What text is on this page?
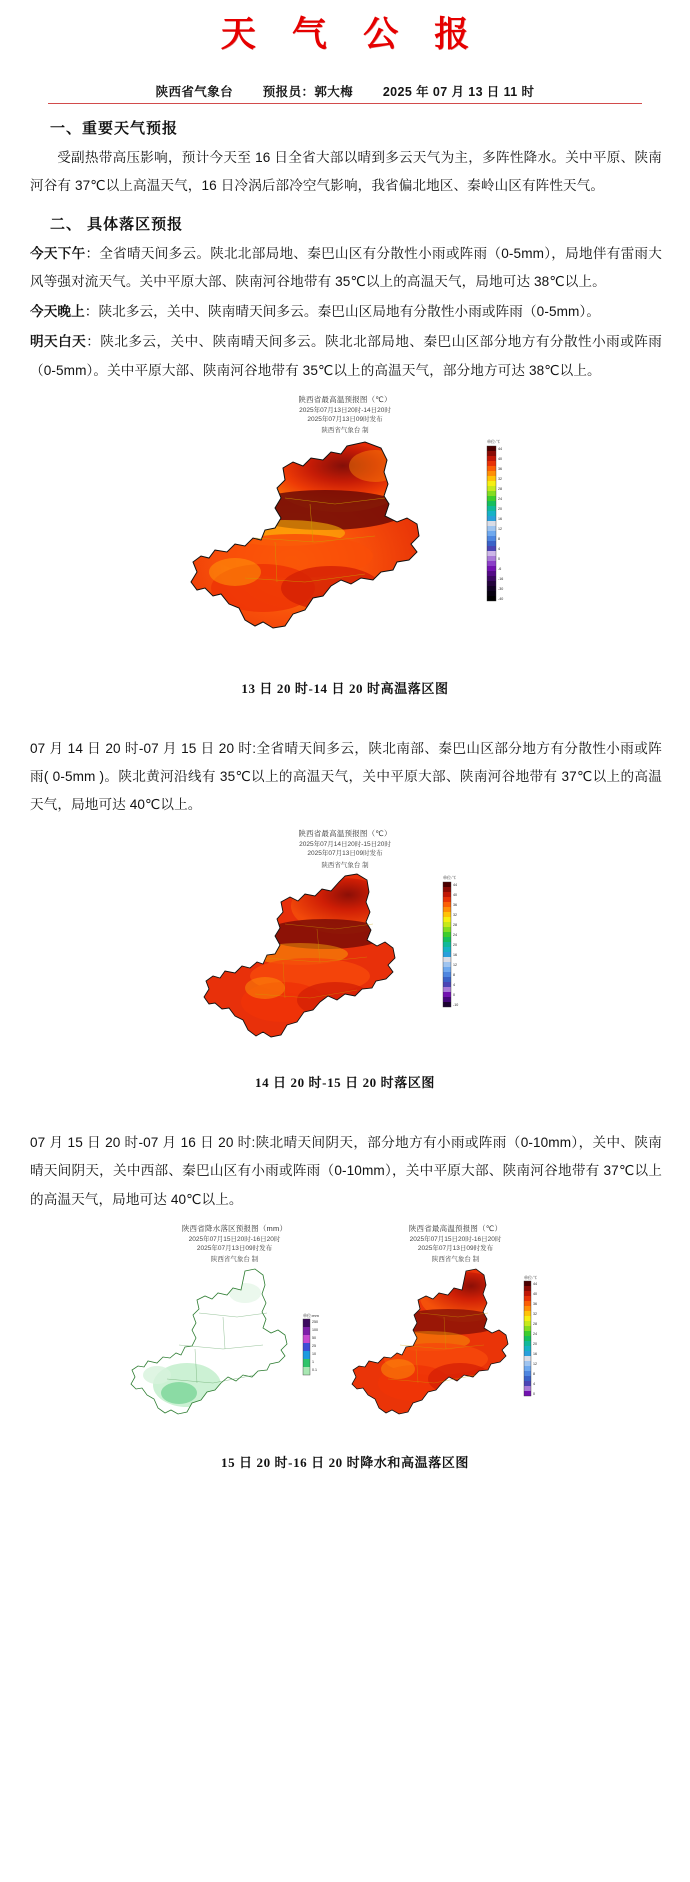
天 气 公 报
陕西省气象台 预报员：郭大梅 2025 年 07 月 13 日 11 时
一、重要天气预报

受副热带高压影响，预计今天至 16 日全省大部以晴到多云天气为主，多阵性降水。关中平原、陕南河谷有 37℃以上高温天气，16 日冷涡后部冷空气影响，我省偏北地区、秦岭山区有阵性天气。

二、 具体落区预报

今天下午：全省晴天间多云。陕北北部局地、秦巴山区有分散性小雨或阵雨（0-5mm），局地伴有雷雨大风等强对流天气。关中平原大部、陕南河谷地带有 35℃以上的高温天气，局地可达 38℃以上。

今天晚上：陕北多云，关中、陕南晴天间多云。秦巴山区局地有分散性小雨或阵雨（0-5mm）。

明天白天：陕北多云，关中、陕南晴天间多云。陕北北部局地、秦巴山区部分地方有分散性小雨或阵雨（0-5mm）。关中平原大部、陕南河谷地带有 35℃以上的高温天气，部分地方可达 38℃以上。

陕西省最高温预报图（℃）
2025年07月13日20时-14日20时
2025年07月13日09时发布
陕西省气象台 制
单位:℃
44
40
36
32
28
24
20
16
12
8
4
0
-6
-16
-30
-40
13 日 20 时-14 日 20 时高温落区图

07 月 14 日 20 时-07 月 15 日 20 时:全省晴天间多云，陕北南部、秦巴山区部分地方有分散性小雨或阵雨( 0-5mm )。陕北黄河沿线有 35℃以上的高温天气，关中平原大部、陕南河谷地带有 37℃以上的高温天气，局地可达 40℃以上。

陕西省最高温预报图（℃）
2025年07月14日20时-15日20时
2025年07月13日09时发布
陕西省气象台 制
单位:℃
44
40
36
32
28
24
20
16
12
8
4
0
-10
14 日 20 时-15 日 20 时落区图

07 月 15 日 20 时-07 月 16 日 20 时:陕北晴天间阴天，部分地方有小雨或阵雨（0-10mm），关中、陕南晴天间阴天，关中西部、秦巴山区有小雨或阵雨（0-10mm），关中平原大部、陕南河谷地带有 37℃以上的高温天气，局地可达 40℃以上。

陕西省降水落区预报图（mm）
2025年07月15日20时-16日20时
2025年07月13日09时发布
陕西省气象台 制
单位:mm
250
100
50
25
10
1
0.1
陕西省最高温预报图（℃）
2025年07月15日20时-16日20时
2025年07月13日09时发布
陕西省气象台 制
单位:℃
44
40
36
32
28
24
20
16
12
8
4
0
15 日 20 时-16 日 20 时降水和高温落区图
